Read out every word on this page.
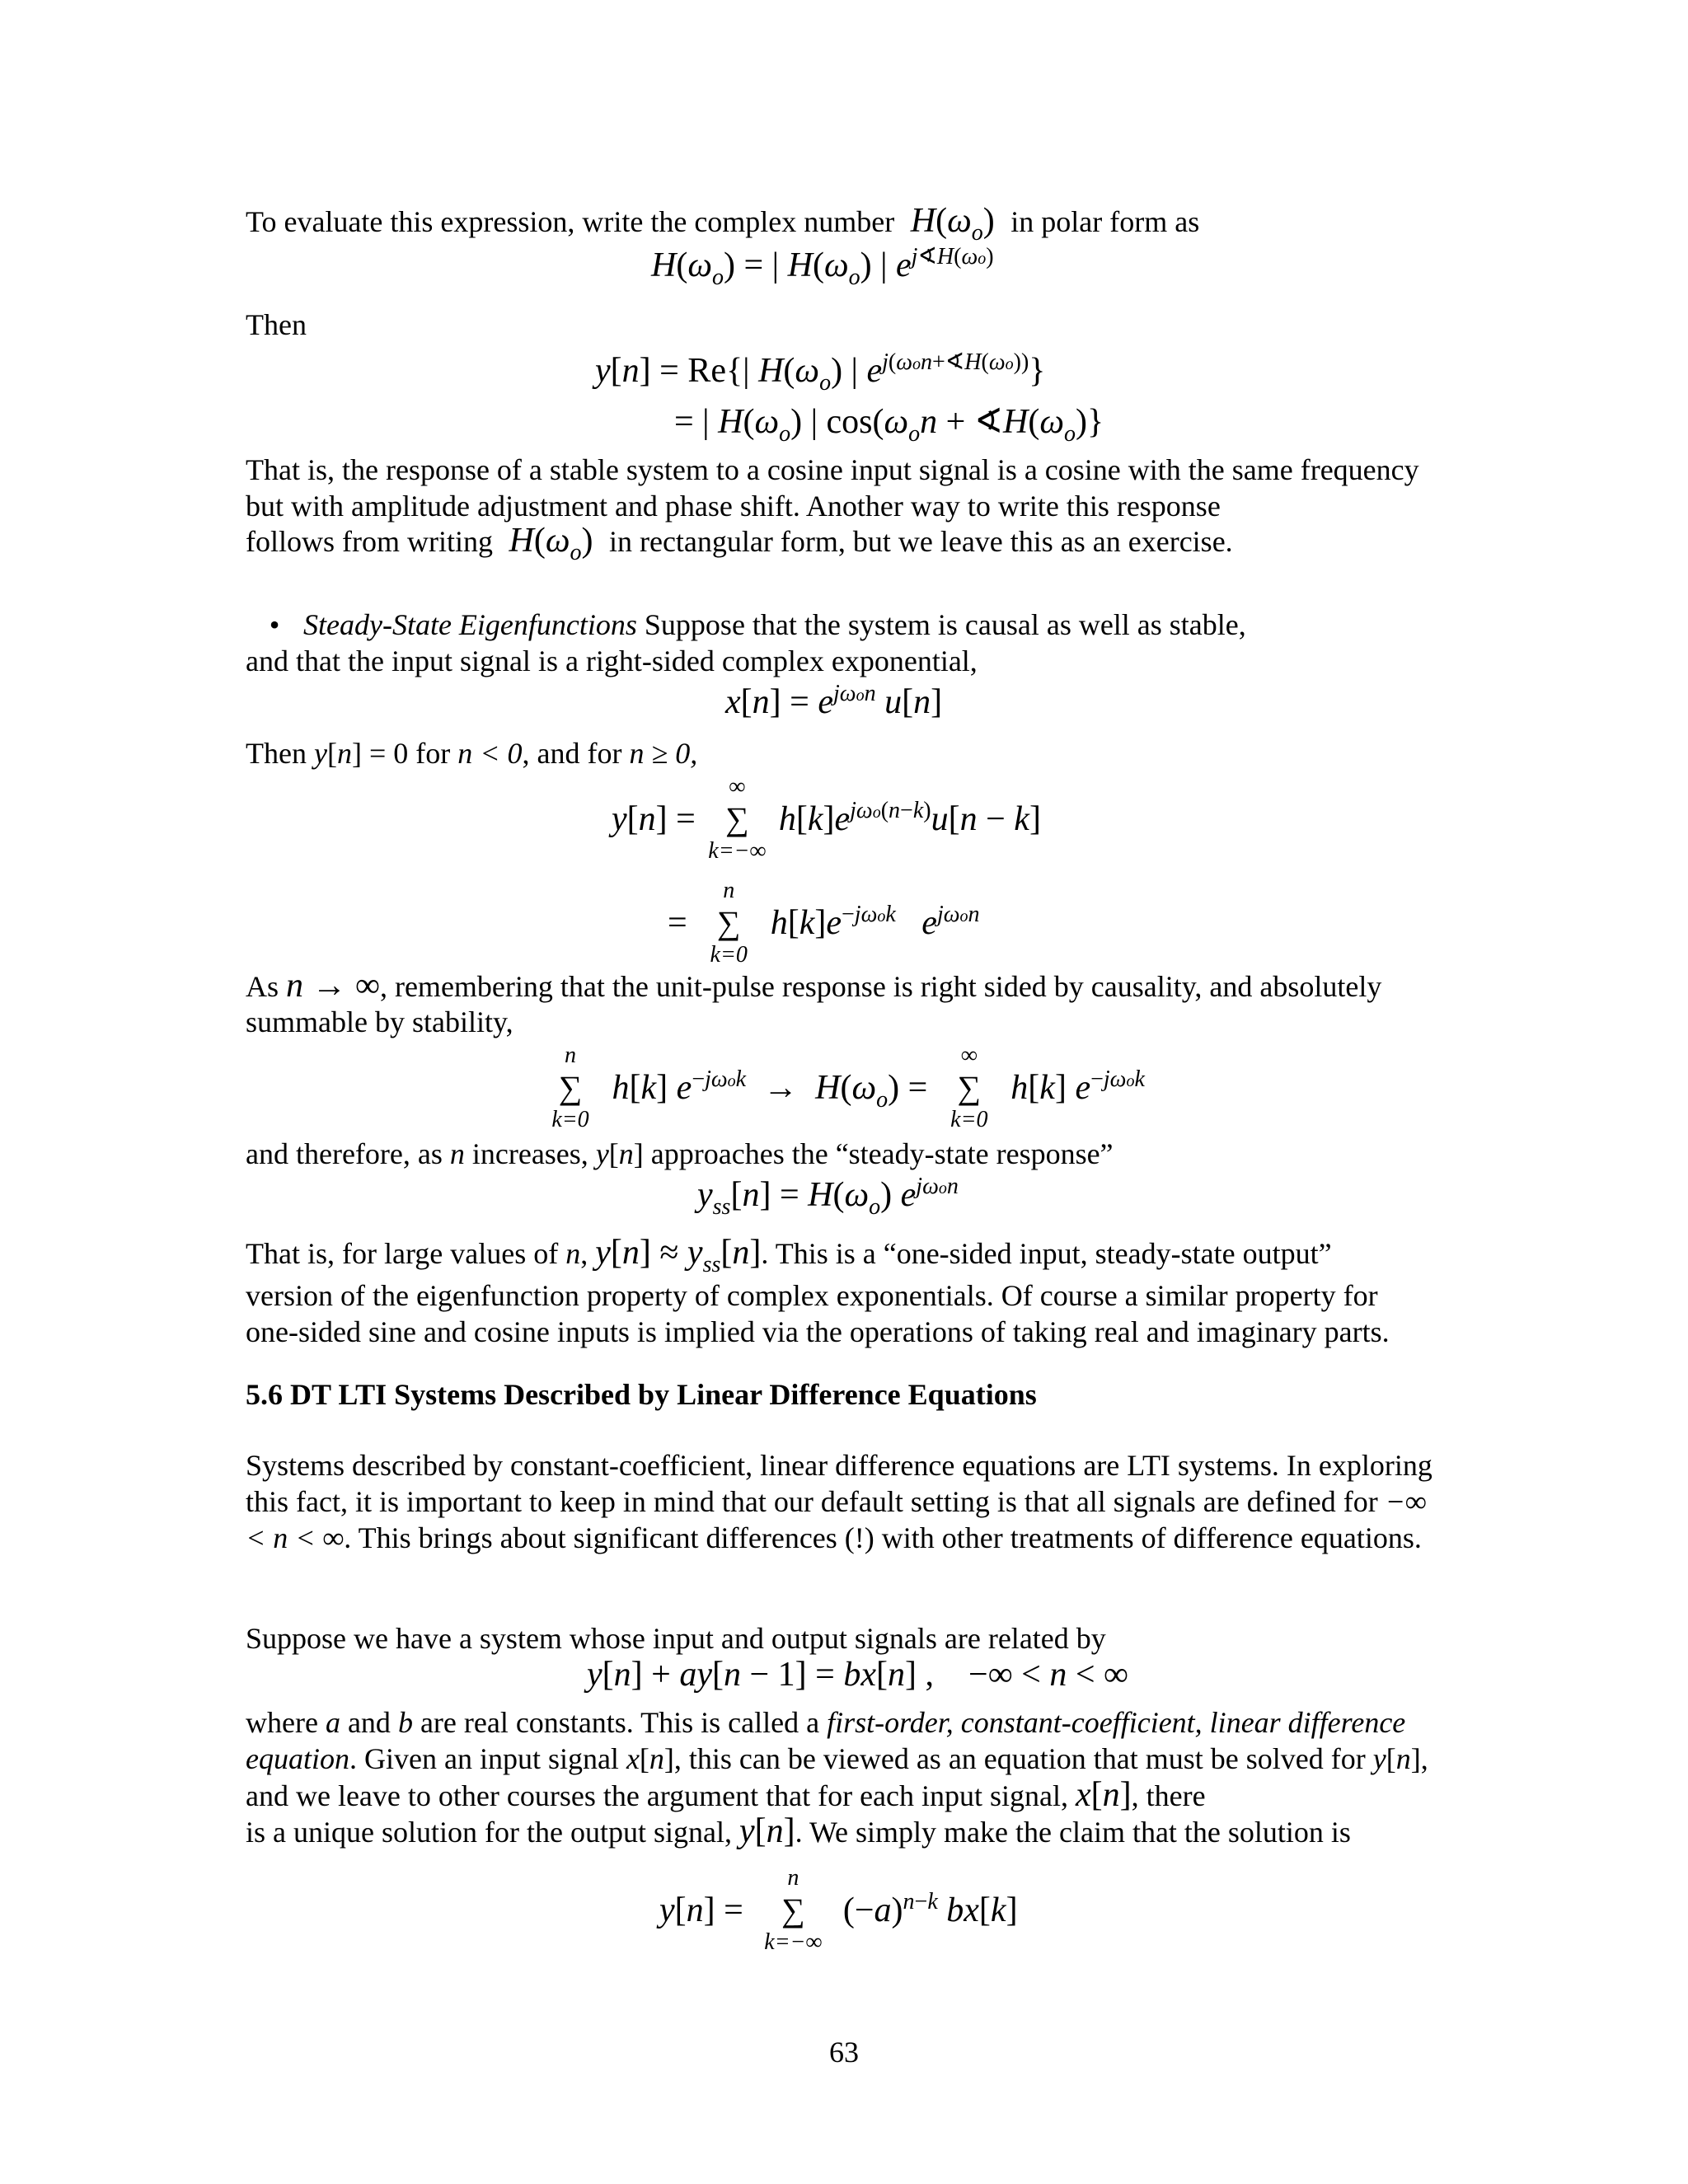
To evaluate this expression, write the complex number $H(\omega_o)$  in polar form as
$H(\omega_o)$ = | $H(\omega_o)$ | $e^{j∢H(\omega o)}$
Then
y[n] = Re{| $H(\omega_o)$ | $e^{j(\omega on+∢H(\omega o))}$}
= | $H(\omega_o)$ | $\cos(\omega_on$ + $∢H(\omega_o)$}
That is, the response of a stable system to a cosine input signal is a cosine with the same frequency but with amplitude adjustment and phase shift. Another way to write this response
follows from writing $H(\omega_o)$  in rectangular form, but we leave this as an exercise.
• Steady-State Eigenfunctions Suppose that the system is causal as well as stable,
and that the input signal is a right-sided complex exponential,
$x[n] = e^{j\omega on}$ u[n]
Then y[n] = 0 for n < 0, and for n ≥ 0,
y[n] =
∞
∑
k=−∞
$h[k]e^{j\omega o(n-k)}u[n - k]$
=
n
∑
k=0
$h[k]e^{-j\omega ok}$ $e^{j\omega on}$
As n → ∞, remembering that the unit-pulse response is right sided by causality, and absolutely
summable by stability,
n
∑
k=0
h[k] $e^{-j\omega ok} \to H(\omega_o)$ =
∞
∑
k=0
h[k] $e^{-j\omega ok}$
and therefore, as n increases, y[n] approaches the “steady-state response”
$y_{ss}[n] = H(\omega_o)$ $e^{j\omega on}$
That is, for large values of n, $y[n] \approx y_{ss}[n]$. This is a “one-sided input, steady-state output”
version of the eigenfunction property of complex exponentials. Of course a similar property for one-sided sine and cosine inputs is implied via the operations of taking real and imaginary parts.
5.6 DT LTI Systems Described by Linear Difference Equations
Systems described by constant-coefficient, linear difference equations are LTI systems. In exploring this fact, it is important to keep in mind that our default setting is that all signals are defined for −∞ < n < ∞. This brings about significant differences (!) with other treatments of difference equations.
Suppose we have a system whose input and output signals are related by
y[n] + ay[n − 1] = bx[n] ,    −∞ < n < ∞
where a and b are real constants. This is called a first-order, constant-coefficient, linear difference equation. Given an input signal x[n], this can be viewed as an equation that must be solved for y[n], and we leave to other courses the argument that for each input signal, x[n], there
is a unique solution for the output signal, y[n]. We simply make the claim that the solution is
y[n] =
n
∑
k=−∞
$(-a)^{n-k}$ bx[k]
63
